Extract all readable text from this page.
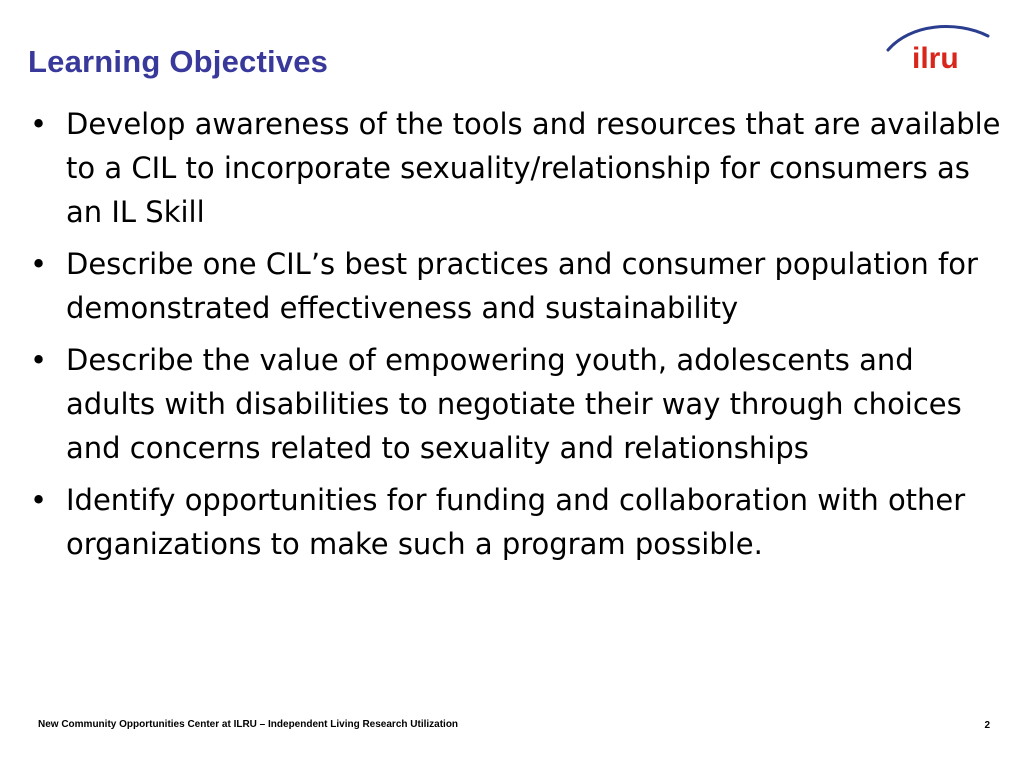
Learning Objectives	ilru
• Develop awareness of the tools and resources that are available to a CIL to incorporate sexuality/relationship for consumers as an IL Skill
• Describe one CIL’s best practices and consumer population for demonstrated effectiveness and sustainability
• Describe the value of empowering youth, adolescents and adults with disabilities to negotiate their way through choices and concerns related to sexuality and relationships
• Identify opportunities for funding and collaboration with other organizations to make such a program possible.
New Community Opportunities Center at ILRU – Independent Living Research Utilization	2
